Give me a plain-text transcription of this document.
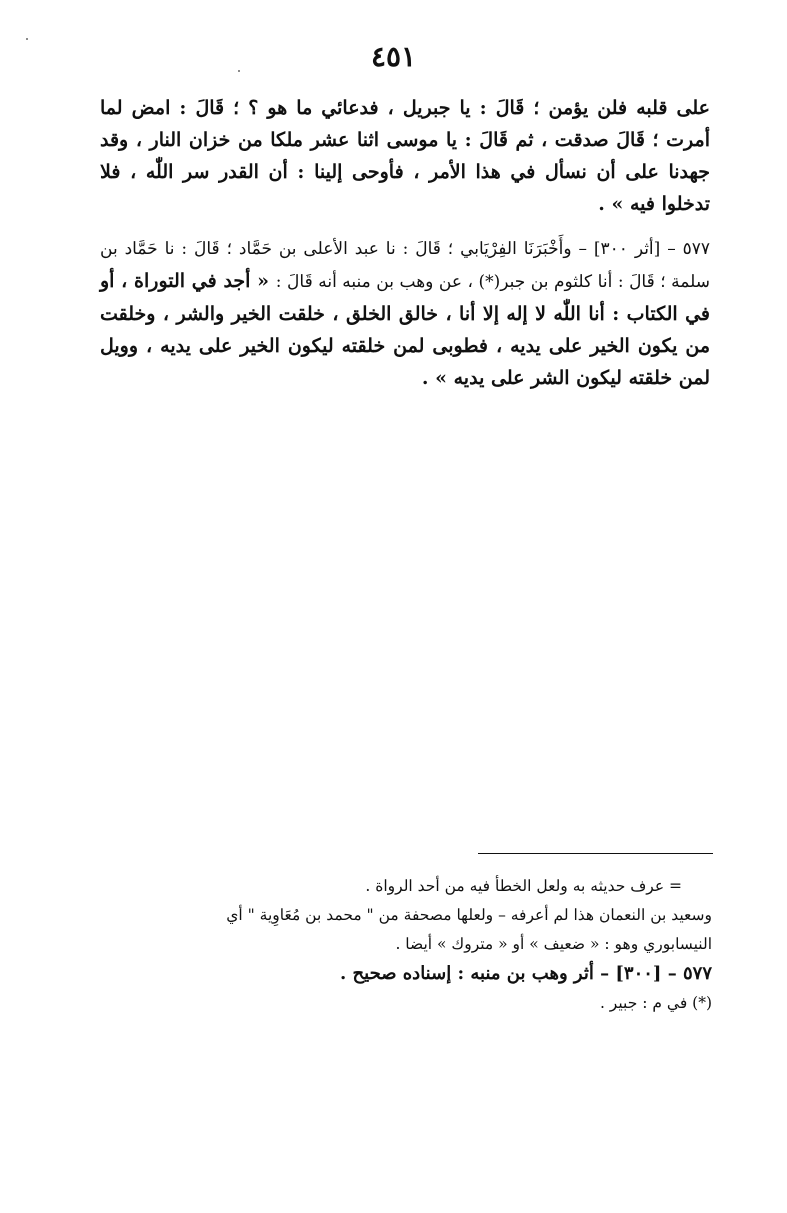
٤٥١

على قلبه فلن يؤمن ؛ قَالَ : يا جبريل ، فدعائي ما هو ؟ ؛ قَالَ : امض لما أمرت ؛ قَالَ صدقت ، ثم قَالَ : يا موسى اثنا عشر ملكا من خزان النار ، وقد جهدنا على أن نسأل في هذا الأمر ، فأوحى إلينا : أن القدر سر اللّٰه ، فلا تدخلوا فيه » .

٥٧٧ – [أثر ٣٠٠] – وأَخْبَرَنَا الفِرْيَابي ؛ قَالَ : نا عبد الأعلى بن حَمَّاد ؛ قَالَ : نا حَمَّاد بن سلمة ؛ قَالَ : أنا كلثوم بن جبر(*) ، عن وهب بن منبه أنه قَالَ : « أجد في التوراة ، أو في الكتاب : أنا اللّٰه لا إله إلا أنا ، خالق الخلق ، خلقت الخير والشر ، وخلقت من يكون الخير على يديه ، فطوبى لمن خلقته ليكون الخير على يديه ، وويل لمن خلقته ليكون الشر على يديه » .

= عرف حديثه به ولعل الخطأ فيه من أحد الرواة .

وسعيد بن النعمان هذا لم أعرفه – ولعلها مصحفة من " محمد بن مُعَاوِية " أي

النيسابوري وهو : « ضعيف » أو « متروك » أيضا .

٥٧٧ – [٣٠٠] – أثر وهب بن منبه : إسناده صحيح .

(*) في م : جبير .
